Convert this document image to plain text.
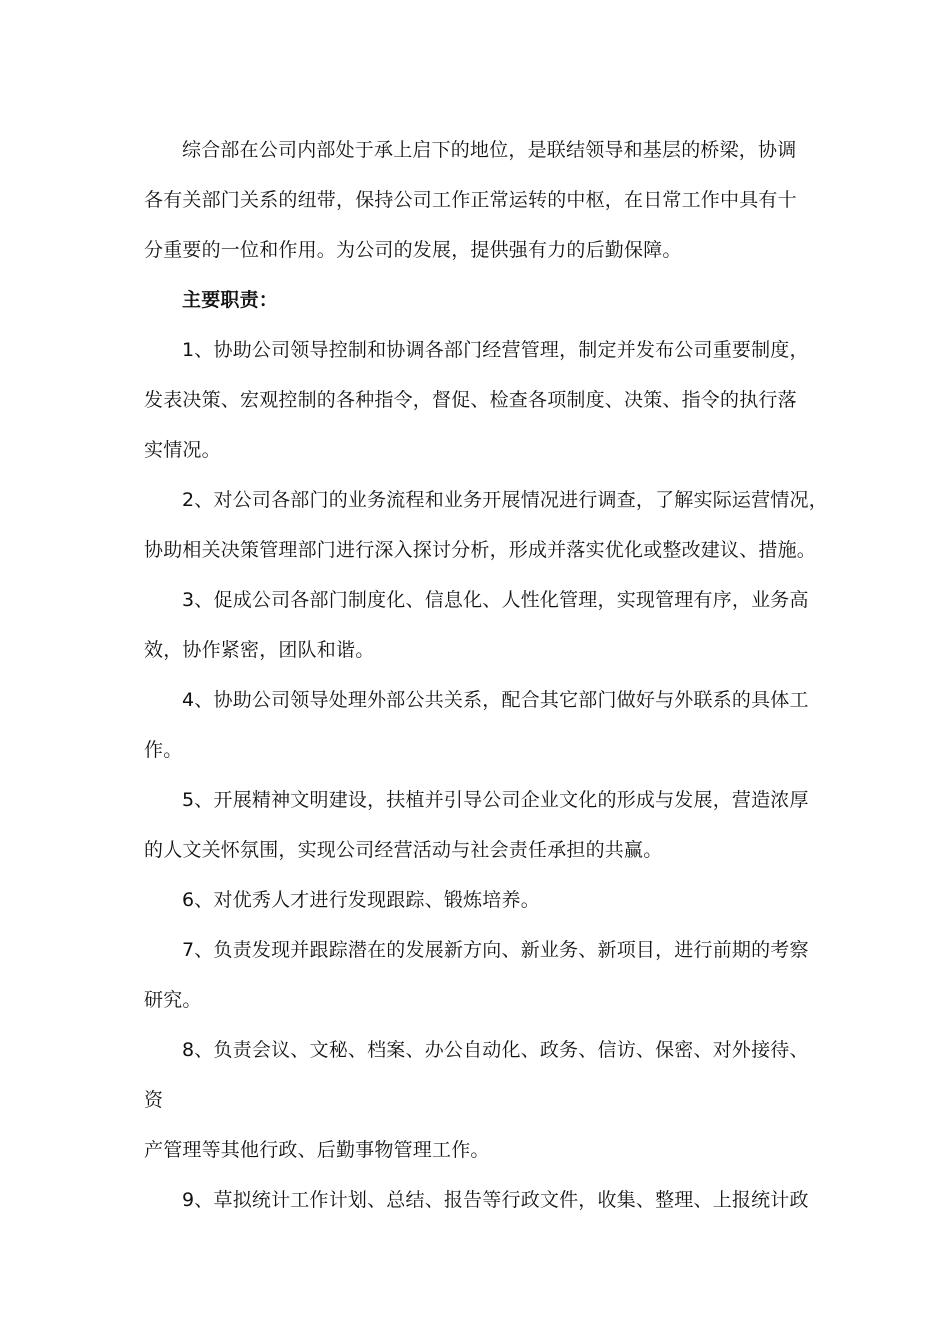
综合部在公司内部处于承上启下的地位，是联结领导和基层的桥梁，协调
各有关部门关系的纽带，保持公司工作正常运转的中枢，在日常工作中具有十
分重要的一位和作用。为公司的发展，提供强有力的后勤保障。
主要职责：
1、协助公司领导控制和协调各部门经营管理，制定并发布公司重要制度，
发表决策、宏观控制的各种指令，督促、检查各项制度、决策、指令的执行落
实情况。
2、对公司各部门的业务流程和业务开展情况进行调查，了解实际运营情况，
协助相关决策管理部门进行深入探讨分析，形成并落实优化或整改建议、措施。
3、促成公司各部门制度化、信息化、人性化管理，实现管理有序，业务高
效，协作紧密，团队和谐。
4、协助公司领导处理外部公共关系，配合其它部门做好与外联系的具体工
作。
5、开展精神文明建设，扶植并引导公司企业文化的形成与发展，营造浓厚
的人文关怀氛围，实现公司经营活动与社会责任承担的共赢。
6、对优秀人才进行发现跟踪、锻炼培养。
7、负责发现并跟踪潜在的发展新方向、新业务、新项目，进行前期的考察
研究。
8、负责会议、文秘、档案、办公自动化、政务、信访、保密、对外接待、
资
产管理等其他行政、后勤事物管理工作。
9、草拟统计工作计划、总结、报告等行政文件，收集、整理、上报统计政
